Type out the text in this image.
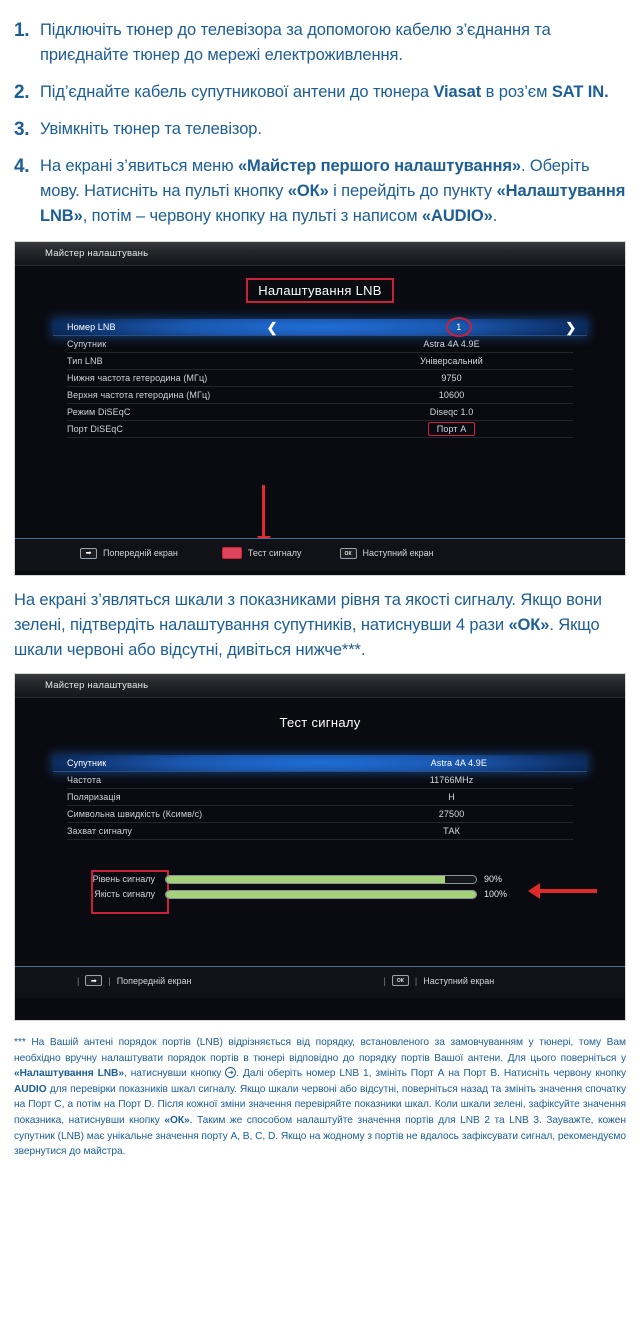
1. Підключіть тюнер до телевізора за допомогою кабелю з’єднання та приєднайте тюнер до мережі електроживлення.
2. Під’єднайте кабель супутникової антени до тюнера Viasat в роз’єм SAT IN.
3. Увімкніть тюнер та телевізор.
4. На екрані з’явиться меню «Майстер першого налаштування». Оберіть мову. Натисніть на пульті кнопку «ОК» і перейдіть до пункту «Налаштування LNB», потім – червону кнопку на пульті з написом «AUDIO».
Майстер налаштувань
Налаштування LNB
Номер LNB	❮	1	❯
Супутник	Astra 4A 4.9E
Тип LNB	Універсальний
Нижня частота гетеродина (МГц)	9750
Верхня частота гетеродина (МГц)	10600
Режим DiSEqC	Diseqc 1.0
Порт DiSEqC	Порт A
➡	Попередній екран	Тест сигналу	ок	Наступний екран
На екрані з’являться шкали з показниками рівня та якості сигналу. Якщо вони зелені, підтвердіть налаштування супутників, натиснувши 4 рази «ОК». Якщо шкали червоні або відсутні, дивіться нижче***.
Майстер налаштувань
Тест сигналу
Супутник	Astra 4A 4.9E
Частота	11766MHz
Поляризація	H
Символьна швидкість (Ксимв/с)	27500
Захват сигналу	ТАК
Рівень сигналу	90%
Якість сигналу	100%
|	➡	| Попередній екран	|	ок	| Наступний екран
*** На Вашій антені порядок портів (LNB) відрізняється від порядку, встановленого за замовчуванням у тюнері, тому Вам необхідно вручну налаштувати порядок портів в тюнері відповідно до порядку портів Вашої антени. Для цього поверніться у «Налаштування LNB», натиснувши кнопку ➜. Далі оберіть номер LNB 1, змініть Порт А на Порт В. Натисніть червону кнопку AUDIO для перевірки показників шкал сигналу. Якщо шкали червоні або відсутні, поверніться назад та змініть значення спочатку на Порт С, а потім на Порт D. Після кожної зміни значення перевіряйте показники шкал. Коли шкали зелені, зафіксуйте значення показника, натиснувши кнопку «ОК». Таким же способом налаштуйте значення портів для LNB 2 та LNB 3. Зауважте, кожен супутник (LNB) має унікальне значення порту A, B, C, D. Якщо на жодному з портів не вдалось зафіксувати сигнал, рекомендуємо звернутися до майстра.
